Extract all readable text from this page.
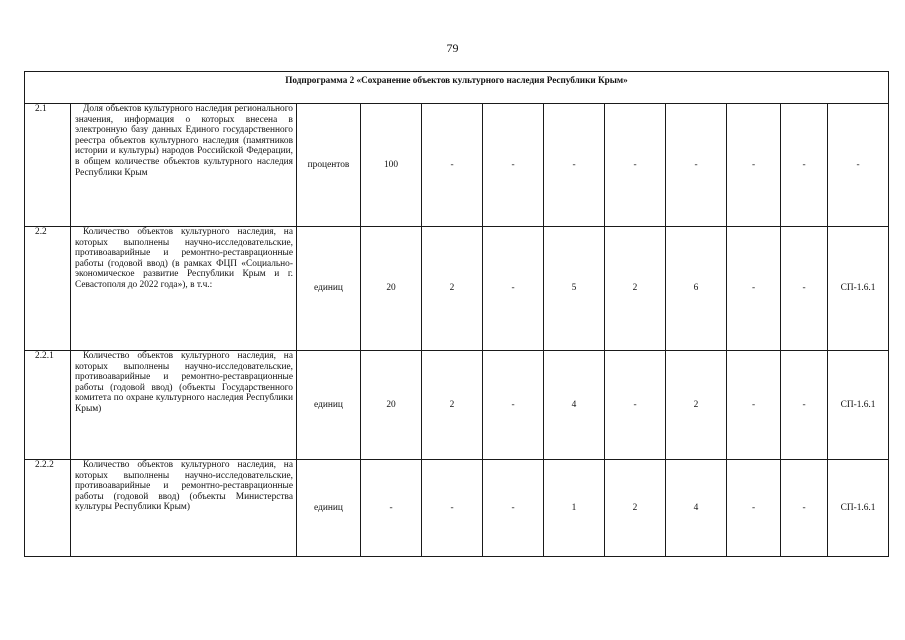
79
Подпрограмма 2 «Сохранение объектов культурного наследия Республики Крым»											
2.1	Доля объектов культурного наследия регионального значения, информация о которых внесена в электронную базу данных Единого государственного реестра объектов культурного наследия (памятников истории и культуры) народов Российской Федерации, в общем количестве объектов культурного наследия Республики Крым	процентов	100	-	-	-	-	-	-	-	-
2.2	Количество объектов культурного наследия, на которых выполнены научно-исследовательские, противоаварийные и ремонтно-реставрационные работы (годовой ввод) (в рамках ФЦП «Социально-экономическое развитие Республики Крым и г. Севастополя до 2022 года»), в т.ч.:	единиц	20	2	-	5	2	6	-	-	СП-1.6.1
2.2.1	Количество объектов культурного наследия, на которых выполнены научно-исследовательские, противоаварийные и ремонтно-реставрационные работы (годовой ввод) (объекты Государственного комитета по охране культурного наследия Республики Крым)	единиц	20	2	-	4	-	2	-	-	СП-1.6.1
2.2.2	Количество объектов культурного наследия, на которых выполнены научно-исследовательские, противоаварийные и ремонтно-реставрационные работы (годовой ввод) (объекты Министерства культуры Республики Крым)	единиц	-	-	-	1	2	4	-	-	СП-1.6.1
